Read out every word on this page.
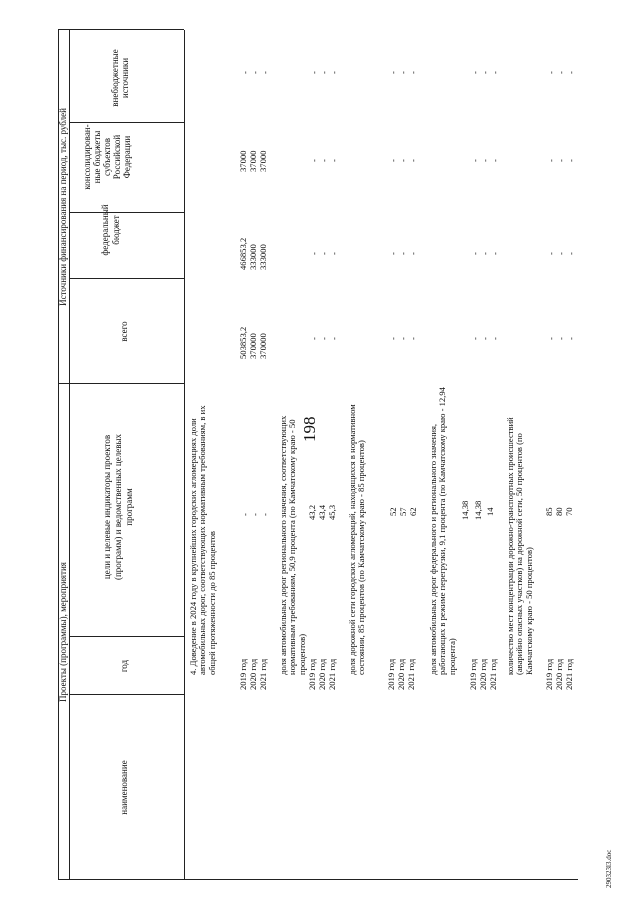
198
290323l3.doc
Проекты (программы), мероприятия
Источники финансирования на период, тыс. рублей
наименование
год
цели и целевые индикаторы проектов (программ) и ведомственных целевых программ
всего
федеральный бюджет
консолидирован-ные бюджеты субъектов Российской Федерации
внебюджетные источники
4. Доведение в 2024 году в крупнейших городских агломерациях доли автомобильных дорог, соответствующих нормативным требованиям, в их общей протяженности до 85 процентов 2019 год 2020 год 2021 год
- - -
503853,2 370000 370000
466853,2 333000 333000
37000 37000 37000
- - -
доля автомобильных дорог регионального значения, соответствующих нормативным требованиям, 50,9 процента (по Камчатскому краю - 50 процентов) 2019 год 2020 год 2021 год
43,2 43,4 45,3
- - -
- - -
- - -
- - -
доля дорожной сети городских агломераций, находящихся в нормативном состоянии, 85 процентов (по Камчатскому краю - 85 процентов) 2019 год 2020 год 2021 год
52 57 62
- - -
- - -
- - -
- - -
доля автомобильных дорог федерального и регионального значения, работающих в режиме перегрузки, 9,1 процента (по Камчатскому краю - 12,94 процента) 2019 год 2020 год 2021 год
14,38 14,38 14
- - -
- - -
- - -
- - -
количество мест концентрации дорожно-транспортных происшествий (аварийно опасных участков) на дорожной сети, 50 процентов (по Камчатскому краю - 50 процентов) 2019 год 2020 год 2021 год
85 80 70
- - -
- - -
- - -
- - -
